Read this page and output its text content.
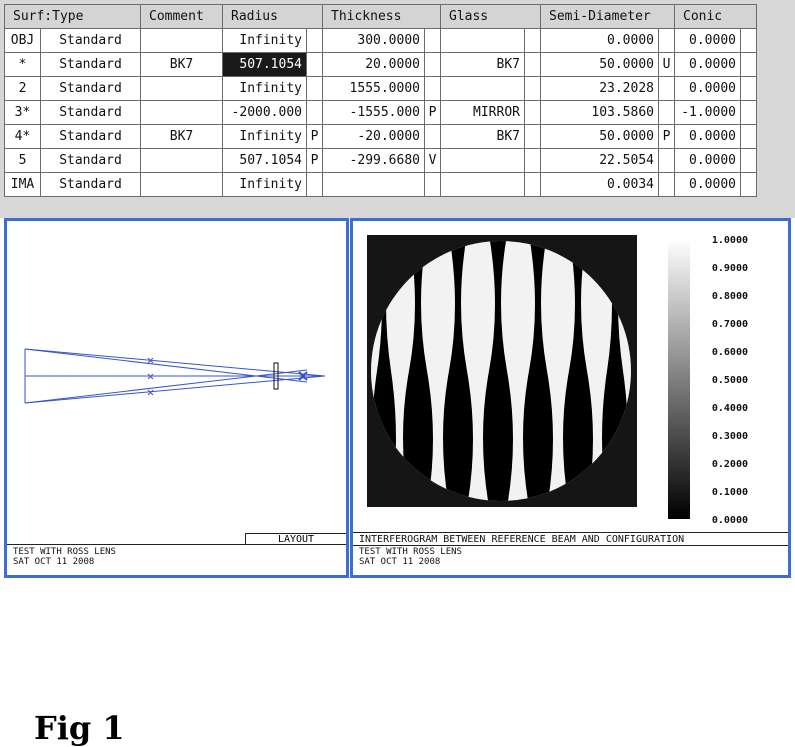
Surf:Type		Comment	Radius		Thickness		Glass		Semi-Diameter		Conic	
OBJ	Standard		Infinity		300.0000				0.0000		0.0000	
*	Standard	BK7	507.1054		20.0000		BK7		50.0000	U	0.0000	
2	Standard		Infinity		1555.0000				23.2028		0.0000	
3*	Standard		-2000.000		-1555.000	P	MIRROR		103.5860		-1.0000	
4*	Standard	BK7	Infinity	P	-20.0000		BK7		50.0000	P	0.0000	
5	Standard		507.1054	P	-299.6680	V			22.5054		0.0000	
IMA	Standard		Infinity						0.0034		0.0000	
Fig 1
LAYOUT
TEST WITH ROSS LENS
SAT OCT 11 2008
1.0000
0.9000
0.8000
0.7000
0.6000
0.5000
0.4000
0.3000
0.2000
0.1000
0.0000
INTERFEROGRAM BETWEEN REFERENCE BEAM AND CONFIGURATION
TEST WITH ROSS LENS
SAT OCT 11 2008
